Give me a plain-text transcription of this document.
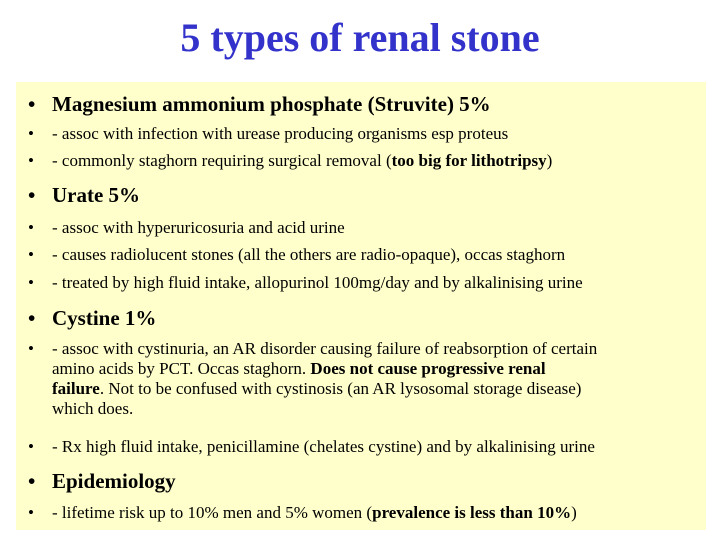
5 types of renal stone
• Magnesium ammonium phosphate (Struvite) 5%
• - assoc with infection with urease producing organisms esp proteus
• - commonly staghorn requiring surgical removal (too big for lithotripsy)
• Urate 5%
• - assoc with hyperuricosuria and acid urine
• - causes radiolucent stones (all the others are radio-opaque), occas staghorn
• - treated by high fluid intake, allopurinol 100mg/day and by alkalinising urine
• Cystine 1%
• - assoc with cystinuria, an AR disorder causing failure of reabsorption of certain
amino acids by PCT. Occas staghorn. Does not cause progressive renal
failure. Not to be confused with cystinosis (an AR lysosomal storage disease)
which does.
• - Rx high fluid intake, penicillamine (chelates cystine) and by alkalinising urine
• Epidemiology
• - lifetime risk up to 10% men and 5% women (prevalence is less than 10%)
